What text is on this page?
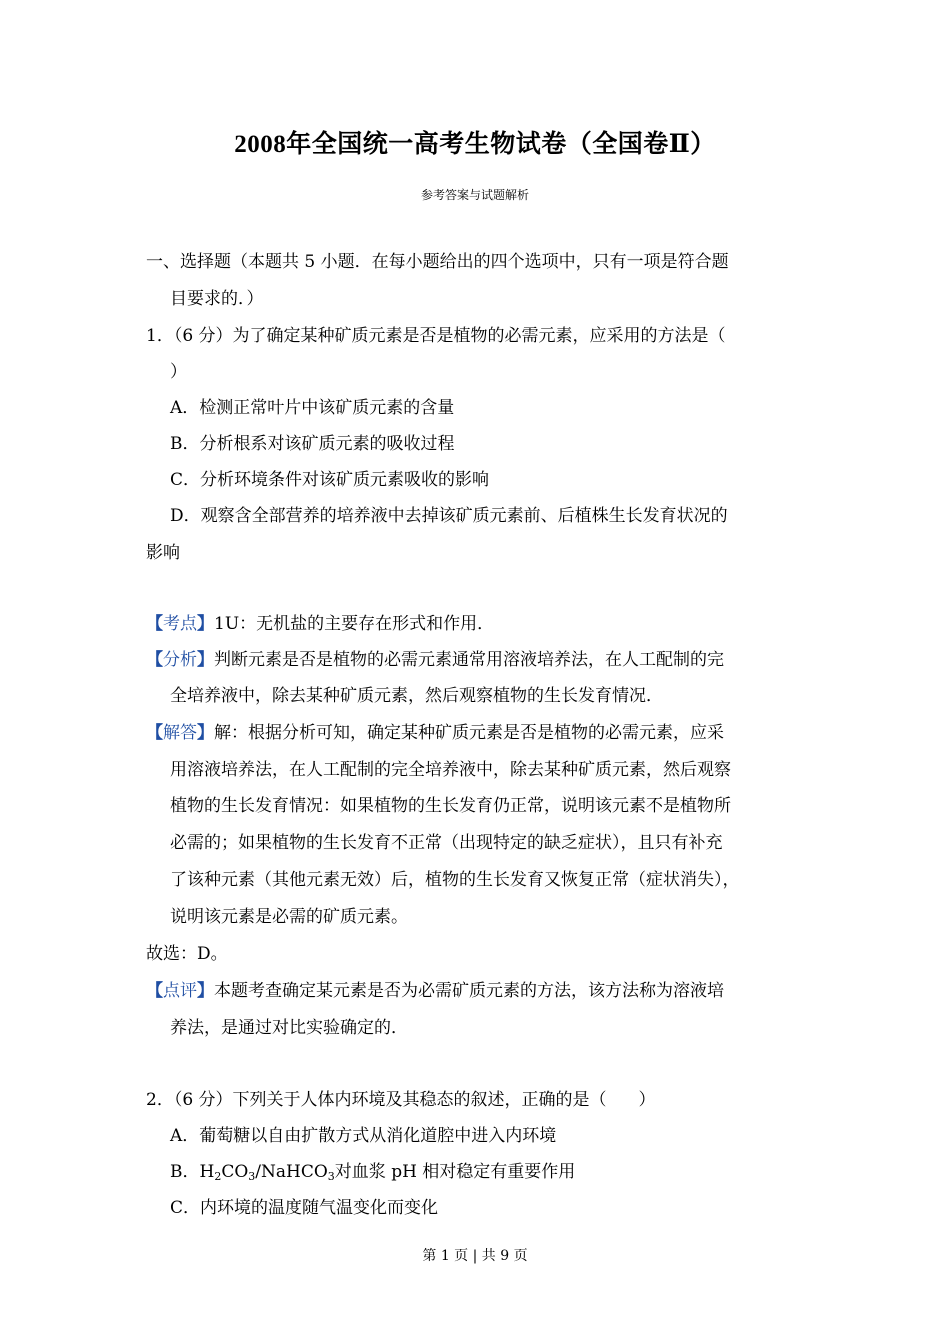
2008年全国统一高考生物试卷（全国卷Ⅱ）
参考答案与试题解析
一、选择题（本题共 5 小题．在每小题给出的四个选项中，只有一项是符合题
目要求的．）
1．（6 分）为了确定某种矿质元素是否是植物的必需元素，应采用的方法是（
）
A．检测正常叶片中该矿质元素的含量
B．分析根系对该矿质元素的吸收过程
C．分析环境条件对该矿质元素吸收的影响
D．观察含全部营养的培养液中去掉该矿质元素前、后植株生长发育状况的
影响
【考点】1U：无机盐的主要存在形式和作用．
【分析】判断元素是否是植物的必需元素通常用溶液培养法，在人工配制的完
全培养液中，除去某种矿质元素，然后观察植物的生长发育情况．
【解答】解：根据分析可知，确定某种矿质元素是否是植物的必需元素，应采
用溶液培养法，在人工配制的完全培养液中，除去某种矿质元素，然后观察
植物的生长发育情况：如果植物的生长发育仍正常，说明该元素不是植物所
必需的；如果植物的生长发育不正常（出现特定的缺乏症状），且只有补充
了该种元素（其他元素无效）后，植物的生长发育又恢复正常（症状消失），
说明该元素是必需的矿质元素。
故选：D。
【点评】本题考查确定某元素是否为必需矿质元素的方法，该方法称为溶液培
养法，是通过对比实验确定的．
2．（6 分）下列关于人体内环境及其稳态的叙述，正确的是（ ）
A．葡萄糖以自由扩散方式从消化道腔中进入内环境
B．$H_2CO_3/NaHCO_3$对血浆 pH 相对稳定有重要作用
C．内环境的温度随气温变化而变化
第 1 页 | 共 9 页
